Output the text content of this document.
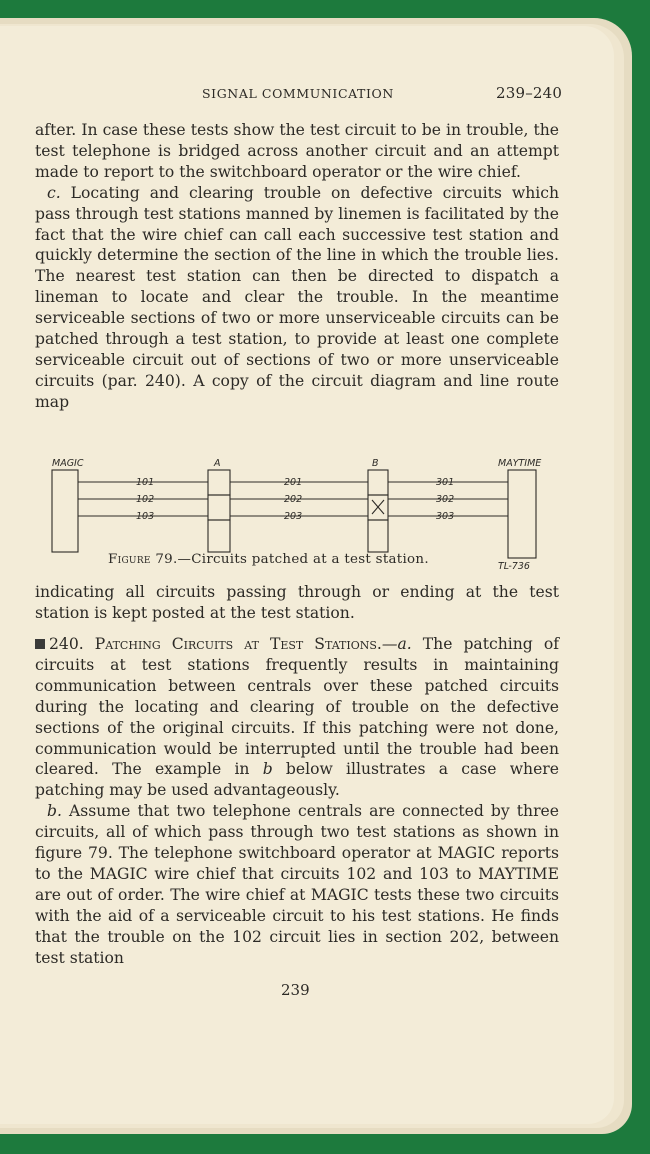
SIGNAL COMMUNICATION	239–240

after. In case these tests show the test circuit to be in trouble, the test telephone is bridged across another circuit and an attempt made to report to the switchboard operator or the wire chief.

c. Locating and clearing trouble on defective circuits which pass through test stations manned by linemen is facilitated by the fact that the wire chief can call each successive test station and quickly determine the section of the line in which the trouble lies. The nearest test station can then be directed to dispatch a lineman to locate and clear the trouble. In the meantime serviceable sections of two or more unserviceable circuits can be patched through a test station, to provide at least one complete serviceable circuit out of sections of two or more unserviceable circuits (par. 240). A copy of the circuit diagram and line route map

MAGIC	A	B	MAYTIME
TL-736
101
102
103
201
202
203
301
302
303
Figure 79.—Circuits patched at a test station.

indicating all circuits passing through or ending at the test station is kept posted at the test station.

240. Patching Circuits at Test Stations.—a. The patching of circuits at test stations frequently results in maintaining communication between centrals over these patched circuits during the locating and clearing of trouble on the defective sections of the original circuits. If this patching were not done, communication would be interrupted until the trouble had been cleared. The example in b below illustrates a case where patching may be used advantageously.

b. Assume that two telephone centrals are connected by three circuits, all of which pass through two test stations as shown in figure 79. The telephone switchboard operator at MAGIC reports to the MAGIC wire chief that circuits 102 and 103 to MAYTIME are out of order. The wire chief at MAGIC tests these two circuits with the aid of a serviceable circuit to his test stations. He finds that the trouble on the 102 circuit lies in section 202, between test station

239
